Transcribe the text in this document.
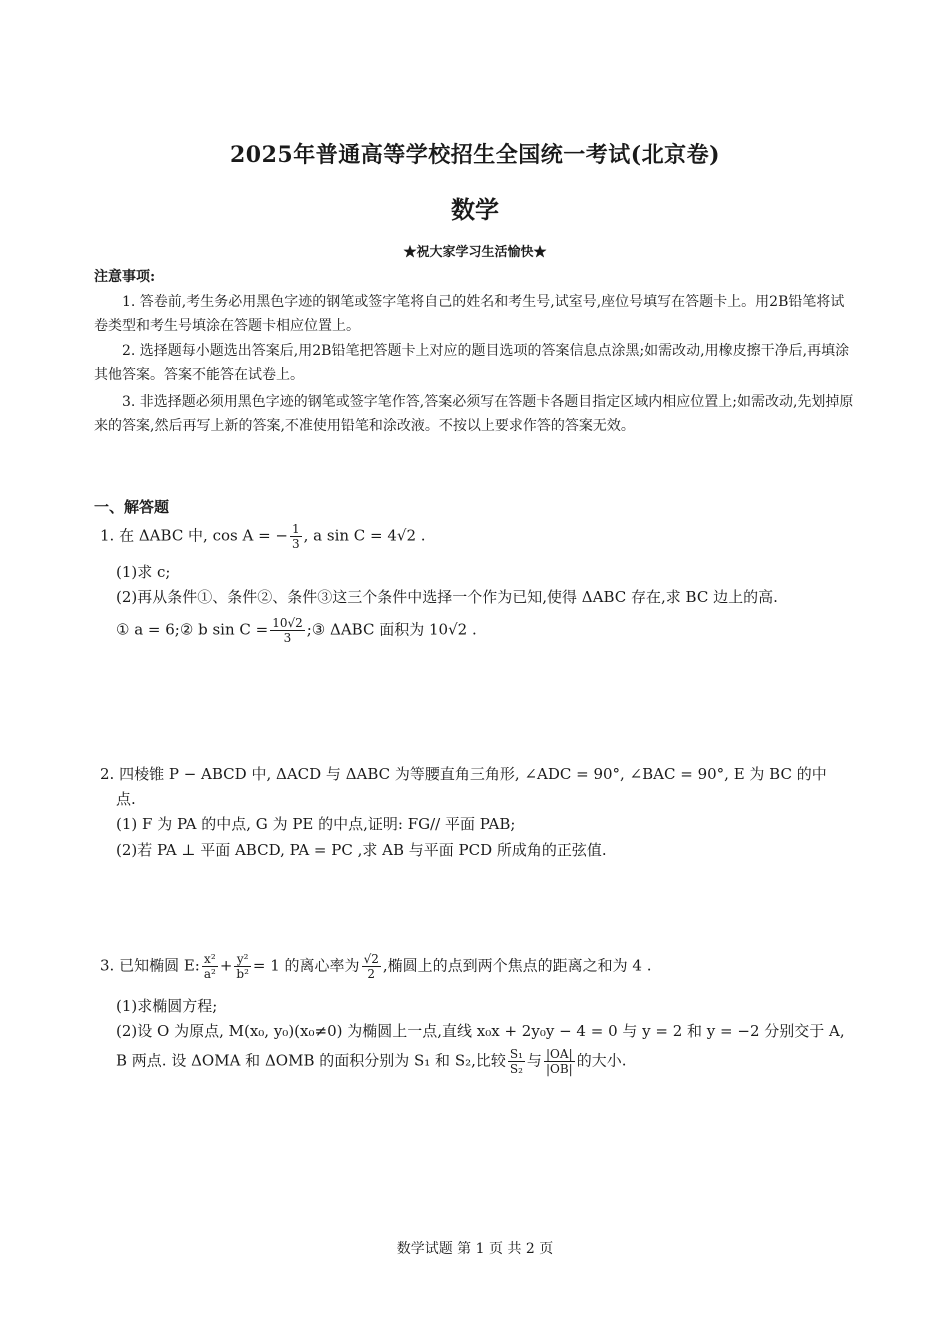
2025年普通高等学校招生全国统一考试(北京卷)
数学
★祝大家学习生活愉快★
注意事项:
1. 答卷前,考生务必用黑色字迹的钢笔或签字笔将自己的姓名和考生号,试室号,座位号填写在答题卡上。用2B铅笔将试卷类型和考生号填涂在答题卡相应位置上。
2. 选择题每小题选出答案后,用2B铅笔把答题卡上对应的题目选项的答案信息点涂黑;如需改动,用橡皮擦干净后,再填涂其他答案。答案不能答在试卷上。
3. 非选择题必须用黑色字迹的钢笔或签字笔作答,答案必须写在答题卡各题目指定区域内相应位置上;如需改动,先划掉原来的答案,然后再写上新的答案,不准使用铅笔和涂改液。不按以上要求作答的答案无效。
一、解答题
1. 在 ΔABC 中, cos A = − $\frac{1}{3}$ , a sin C = 4√2 .
(1)求 c;
(2)再从条件①、条件②、条件③这三个条件中选择一个作为已知,使得 ΔABC 存在,求 BC 边上的高.
① a = 6;② b $\sin C = \frac{10√2}{3}$ ;③ ΔABC 面积为 10√2 .
2. 四棱锥 P − ABCD 中, ΔACD 与 ΔABC 为等腰直角三角形, ∠ADC = 90°, ∠BAC = 90°, E 为 BC 的中
点.
(1) F 为 PA 的中点, G 为 PE 的中点,证明: FG// 平面 PAB;
(2)若 PA ⊥ 平面 ABCD, PA = PC ,求 AB 与平面 PCD 所成角的正弦值.
3. 已知椭圆 E: $\frac{\text{x²}}{\text{a²}} + \frac{\text{y²}}{\text{b²}} = 1$ 的离心率为 $\frac{√2}{2}$ ,椭圆上的点到两个焦点的距离之和为 4 .
(1)求椭圆方程;
(2)设 O 为原点, M(x₀, y₀)(x₀≠0) 为椭圆上一点,直线 x₀x + 2y₀y − 4 = 0 与 y = 2 和 y = −2 分别交于 A,
B 两点. 设 ΔOMA 和 ΔOMB 的面积分别为 S₁ 和 S₂,比较 $\frac{\text{S₁}}{\text{S₂}}$ 与 $\frac{|OA|}{|OB|}$ 的大小.
数学试题 第 1 页 共 2 页
